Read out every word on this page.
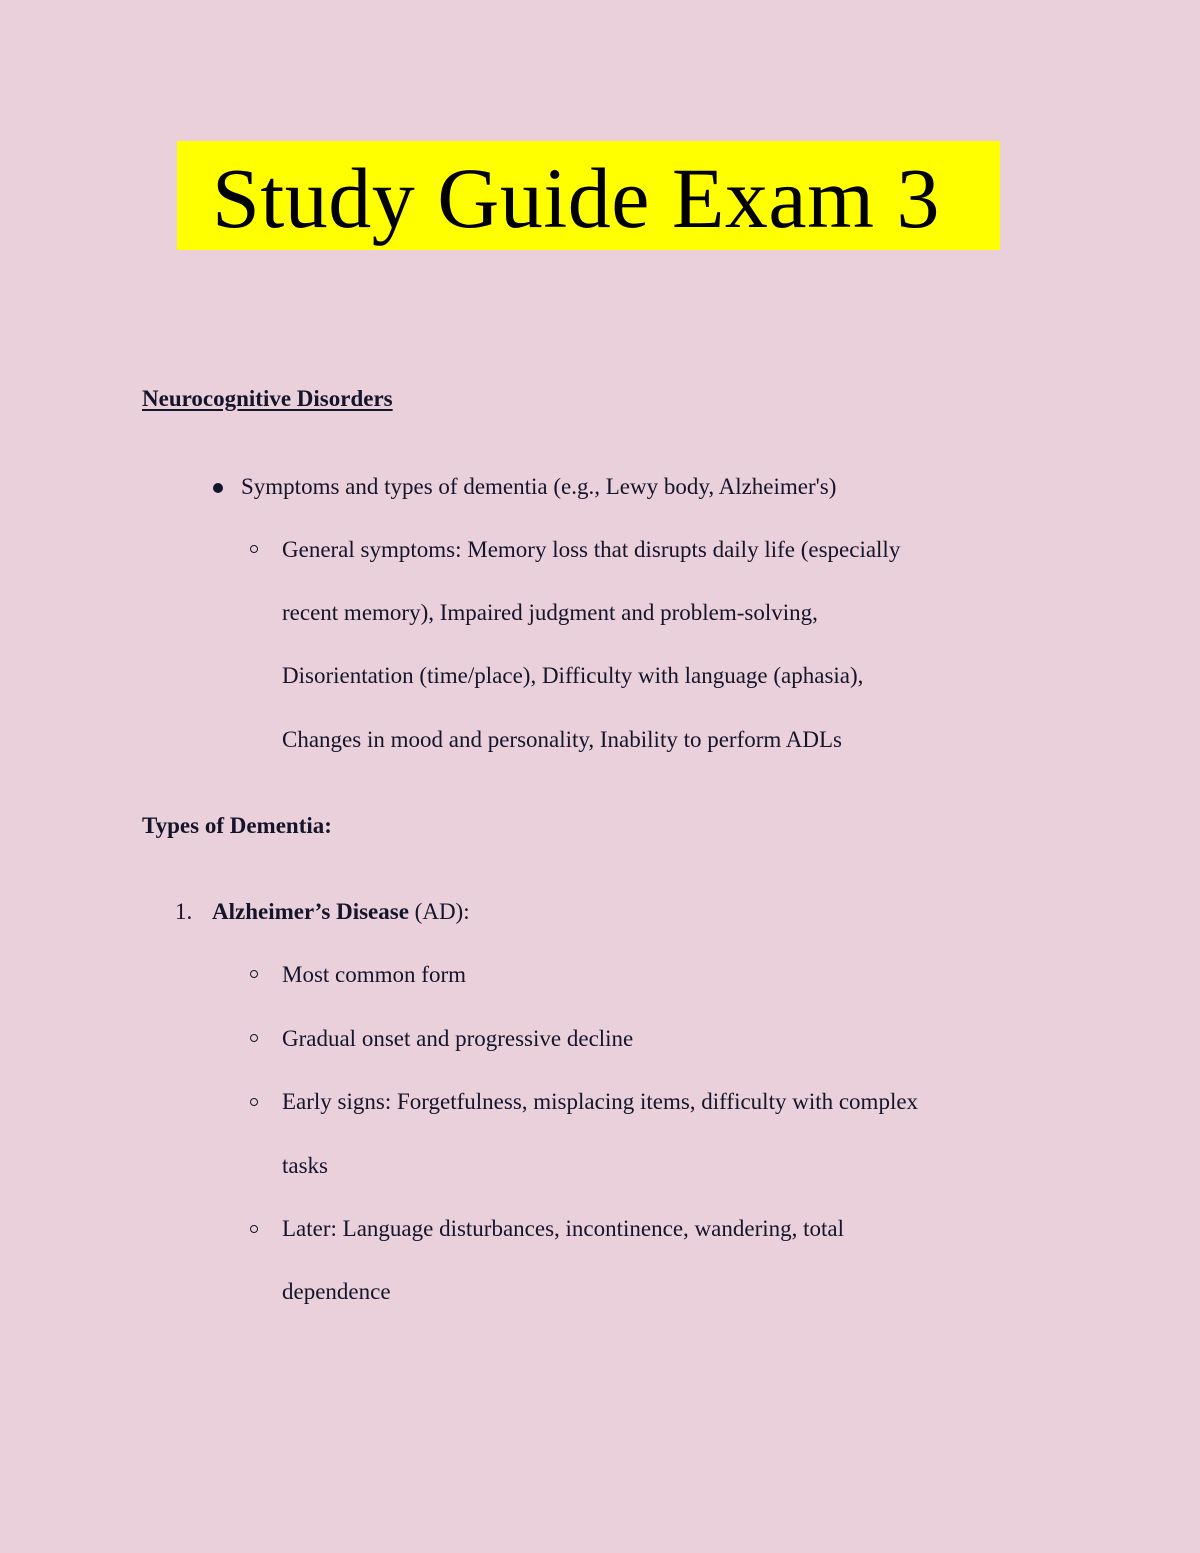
Study Guide Exam 3
Neurocognitive Disorders
Symptoms and types of dementia (e.g., Lewy body, Alzheimer's)
General symptoms: Memory loss that disrupts daily life (especially
recent memory), Impaired judgment and problem-solving,
Disorientation (time/place), Difficulty with language (aphasia),
Changes in mood and personality, Inability to perform ADLs
Types of Dementia:
1. Alzheimer’s Disease (AD):
Most common form
Gradual onset and progressive decline
Early signs: Forgetfulness, misplacing items, difficulty with complex
tasks
Later: Language disturbances, incontinence, wandering, total
dependence
